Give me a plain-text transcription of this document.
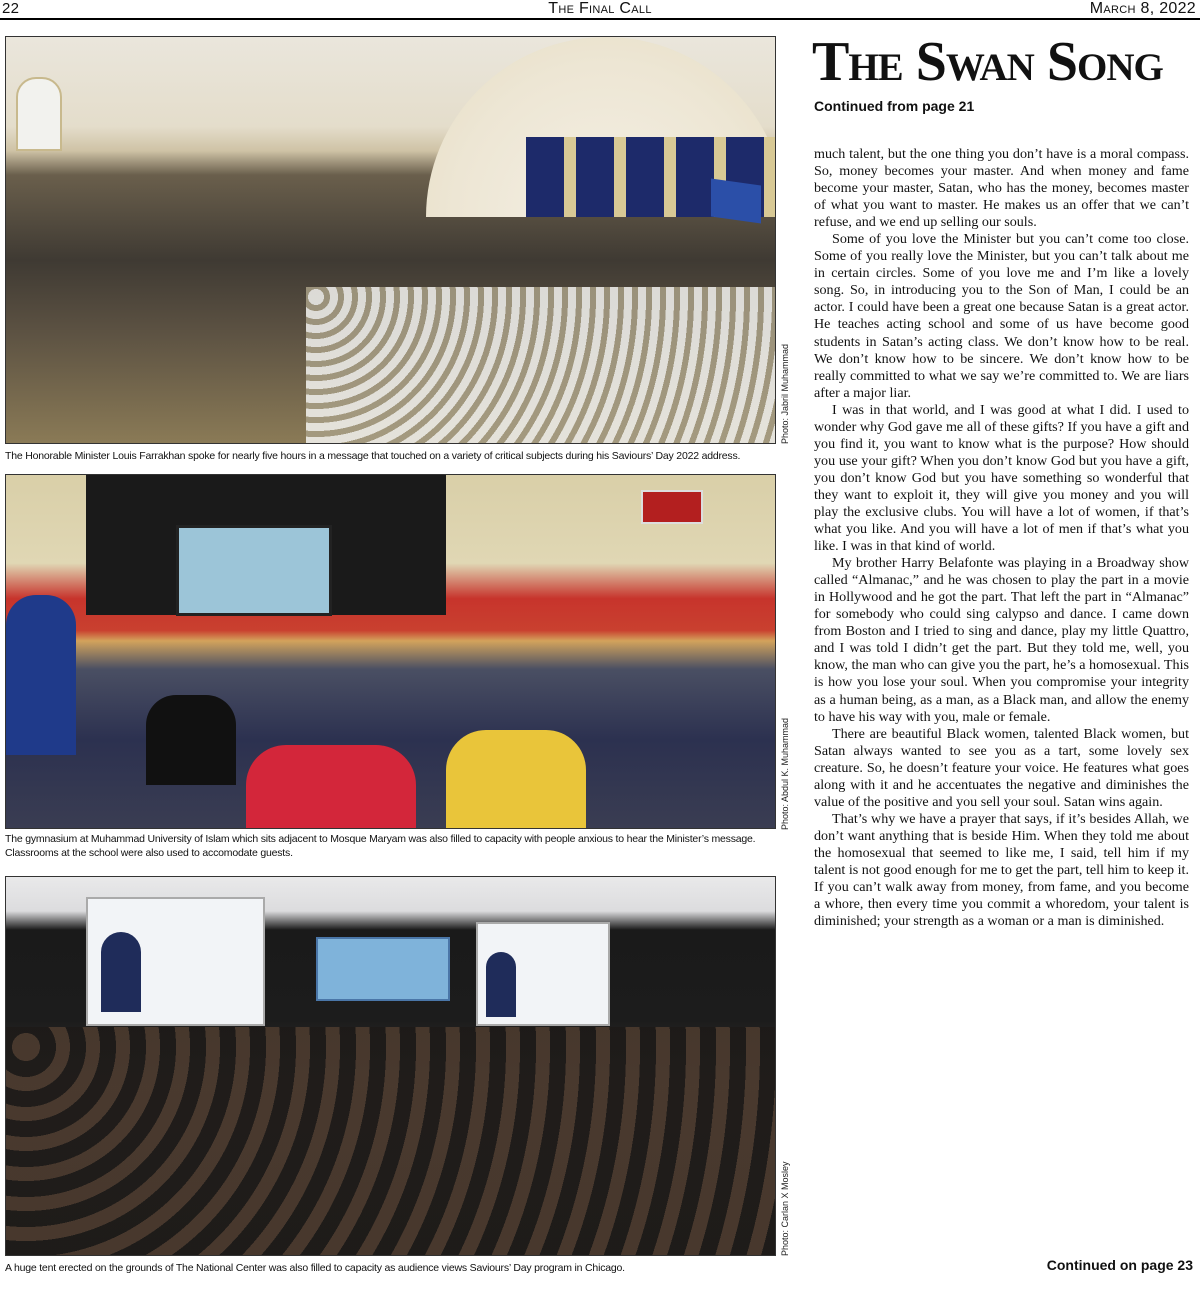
22	The Final Call	March 8, 2022
Photo: Jabril Muhammad
The Honorable Minister Louis Farrakhan spoke for nearly five hours in a message that touched on a variety of critical subjects during his Saviours’ Day 2022 address.
Photo: Abdul K. Muhammad
The gymnasium at Muhammad University of Islam which sits adjacent to Mosque Maryam was also filled to capacity with people anxious to hear the Minister’s message. Classrooms at the school were also used to accomodate guests.
Photo: Carlan X Mosley
A huge tent erected on the grounds of The National Center was also filled to capacity as audience views Saviours’ Day program in Chicago.
The Swan Song
Continued from page 21

much talent, but the one thing you don’t have is a moral compass. So, money becomes your master. And when money and fame become your master, Satan, who has the money, becomes master of what you want to master. He makes us an offer that we can’t refuse, and we end up selling our souls.

Some of you love the Minister but you can’t come too close. Some of you really love the Minister, but you can’t talk about me in certain circles. Some of you love me and I’m like a lovely song. So, in introducing you to the Son of Man, I could be an actor. I could have been a great one because Satan is a great actor. He teaches acting school and some of us have become good students in Satan’s acting class. We don’t know how to be real. We don’t know how to be sincere. We don’t know how to be really committed to what we say we’re committed to. We are liars after a major liar.

I was in that world, and I was good at what I did. I used to wonder why God gave me all of these gifts? If you have a gift and you find it, you want to know what is the purpose? How should you use your gift? When you don’t know God but you have a gift, you don’t know God but you have something so wonderful that they want to exploit it, they will give you money and you will play the exclusive clubs. You will have a lot of women, if that’s what you like. And you will have a lot of men if that’s what you like. I was in that kind of world.

My brother Harry Belafonte was playing in a Broadway show called “Almanac,” and he was chosen to play the part in a movie in Hollywood and he got the part. That left the part in “Almanac” for somebody who could sing calypso and dance. I came down from Boston and I tried to sing and dance, play my little Quattro, and I was told I didn’t get the part. But they told me, well, you know, the man who can give you the part, he’s a homosexual. This is how you lose your soul. When you compromise your integrity as a human being, as a man, as a Black man, and allow the enemy to have his way with you, male or female.

There are beautiful Black women, talented Black women, but Satan always wanted to see you as a tart, some lovely sex creature. So, he doesn’t feature your voice. He features what goes along with it and he accentuates the negative and diminishes the value of the positive and you sell your soul. Satan wins again.

That’s why we have a prayer that says, if it’s besides Allah, we don’t want anything that is beside Him. When they told me about the homosexual that seemed to like me, I said, tell him if my talent is not good enough for me to get the part, tell him to keep it. If you can’t walk away from money, from fame, and you become a whore, then every time you commit a whoredom, your talent is diminished; your strength as a woman or a man is diminished.

Continued on page 23
